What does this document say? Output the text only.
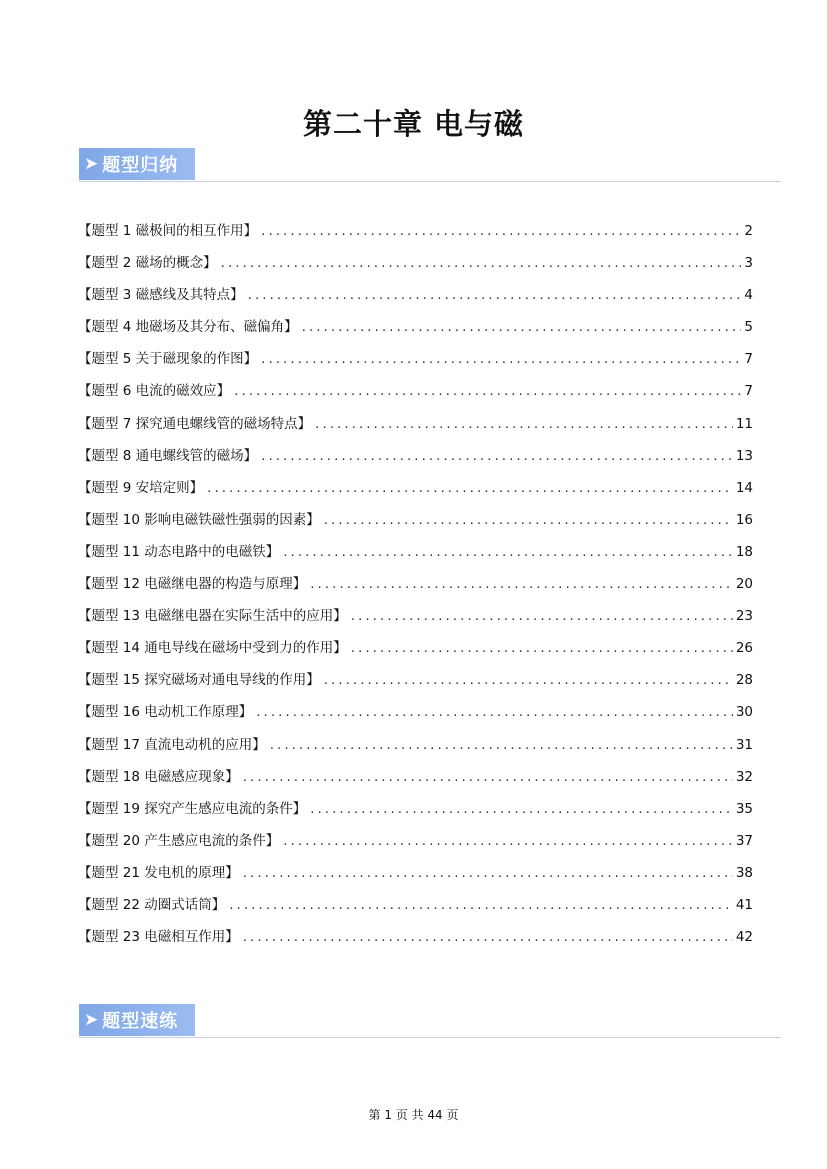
第二十章 电与磁
➤ 题型归纳
【题型 1 磁极间的相互作用】 .....	2
【题型 2 磁场的概念】 .....	3
【题型 3 磁感线及其特点】 .....	4
【题型 4 地磁场及其分布、磁偏角】 .....	5
【题型 5 关于磁现象的作图】 .....	7
【题型 6 电流的磁效应】 .....	7
【题型 7 探究通电螺线管的磁场特点】 .....	11
【题型 8 通电螺线管的磁场】 .....	13
【题型 9 安培定则】 .....	14
【题型 10 影响电磁铁磁性强弱的因素】 .....	16
【题型 11 动态电路中的电磁铁】 .....	18
【题型 12 电磁继电器的构造与原理】 .....	20
【题型 13 电磁继电器在实际生活中的应用】 .....	23
【题型 14 通电导线在磁场中受到力的作用】 .....	26
【题型 15 探究磁场对通电导线的作用】 .....	28
【题型 16 电动机工作原理】 .....	30
【题型 17 直流电动机的应用】 .....	31
【题型 18 电磁感应现象】 .....	32
【题型 19 探究产生感应电流的条件】 .....	35
【题型 20 产生感应电流的条件】 .....	37
【题型 21 发电机的原理】 .....	38
【题型 22 动圈式话筒】 .....	41
【题型 23 电磁相互作用】 .....	42
➤ 题型速练
第 1 页 共 44 页
